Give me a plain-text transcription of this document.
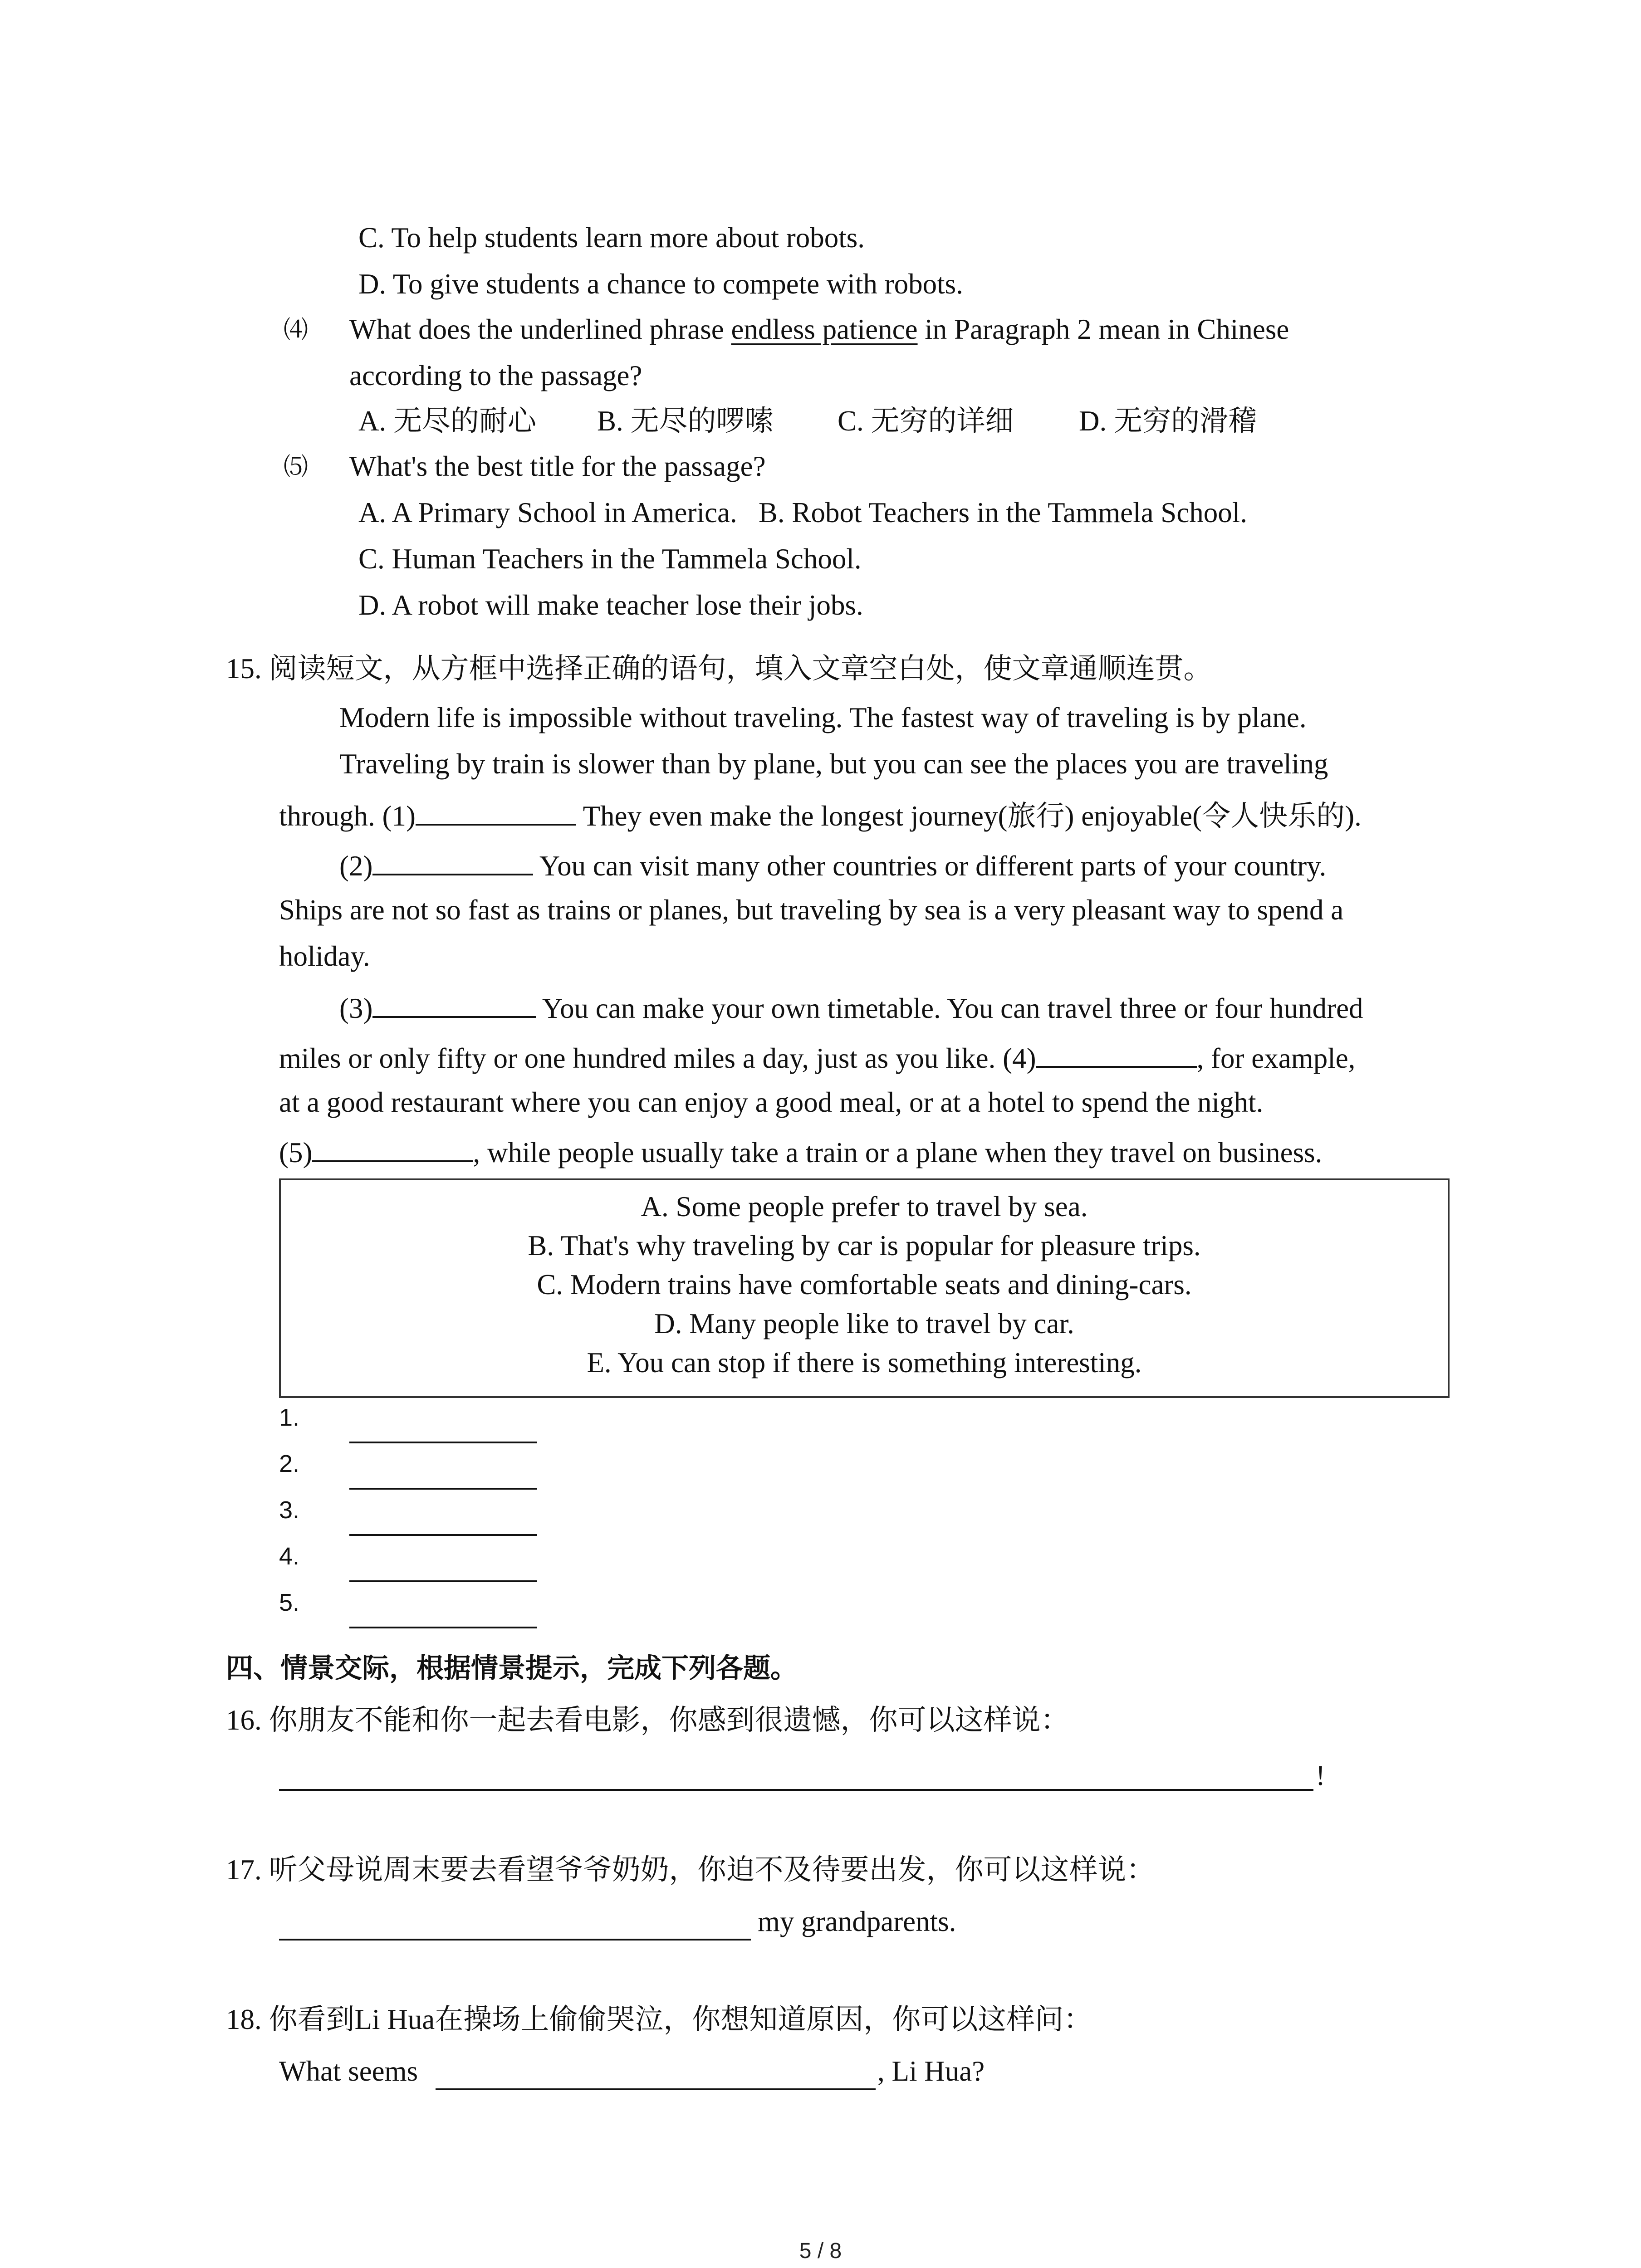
C. To help students learn more about robots.
D. To give students a chance to compete with robots.
⑷ What does the underlined phrase endless patience in Paragraph 2 mean in Chinese
according to the passage?
A. 无尽的耐心 B. 无尽的啰嗦 C. 无穷的详细 D. 无穷的滑稽
⑸ What's the best title for the passage?
A. A Primary School in America.   B. Robot Teachers in the Tammela School.
C. Human Teachers in the Tammela School.
D. A robot will make teacher lose their jobs.
15. 阅读短文，从方框中选择正确的语句，填入文章空白处，使文章通顺连贯。
Modern life is impossible without traveling. The fastest way of traveling is by plane.
Traveling by train is slower than by plane, but you can see the places you are traveling
through. (1)	They even make the longest journey(旅行) enjoyable(令人快乐的).
(2)	You can visit many other countries or different parts of your country.
Ships are not so fast as trains or planes, but traveling by sea is a very pleasant way to spend a
holiday.
(3)	You can make your own timetable. You can travel three or four hundred
miles or only fifty or one hundred miles a day, just as you like. (4)	, for example,
at a good restaurant where you can enjoy a good meal, or at a hotel to spend the night.
(5)	, while people usually take a train or a plane when they travel on business.
A. Some people prefer to travel by sea.
B. That's why traveling by car is popular for pleasure trips.
C. Modern trains have comfortable seats and dining-cars.
D. Many people like to travel by car.
E. You can stop if there is something interesting.
1.
2.
3.
4.
5.
四、情景交际，根据情景提示，完成下列各题。
16. 你朋友不能和你一起去看电影，你感到很遗憾，你可以这样说：
!
17. 听父母说周末要去看望爷爷奶奶，你迫不及待要出发，你可以这样说：
my grandparents.
18. 你看到Li Hua在操场上偷偷哭泣，你想知道原因，你可以这样问：
What seems	, Li Hua?
5 / 8
